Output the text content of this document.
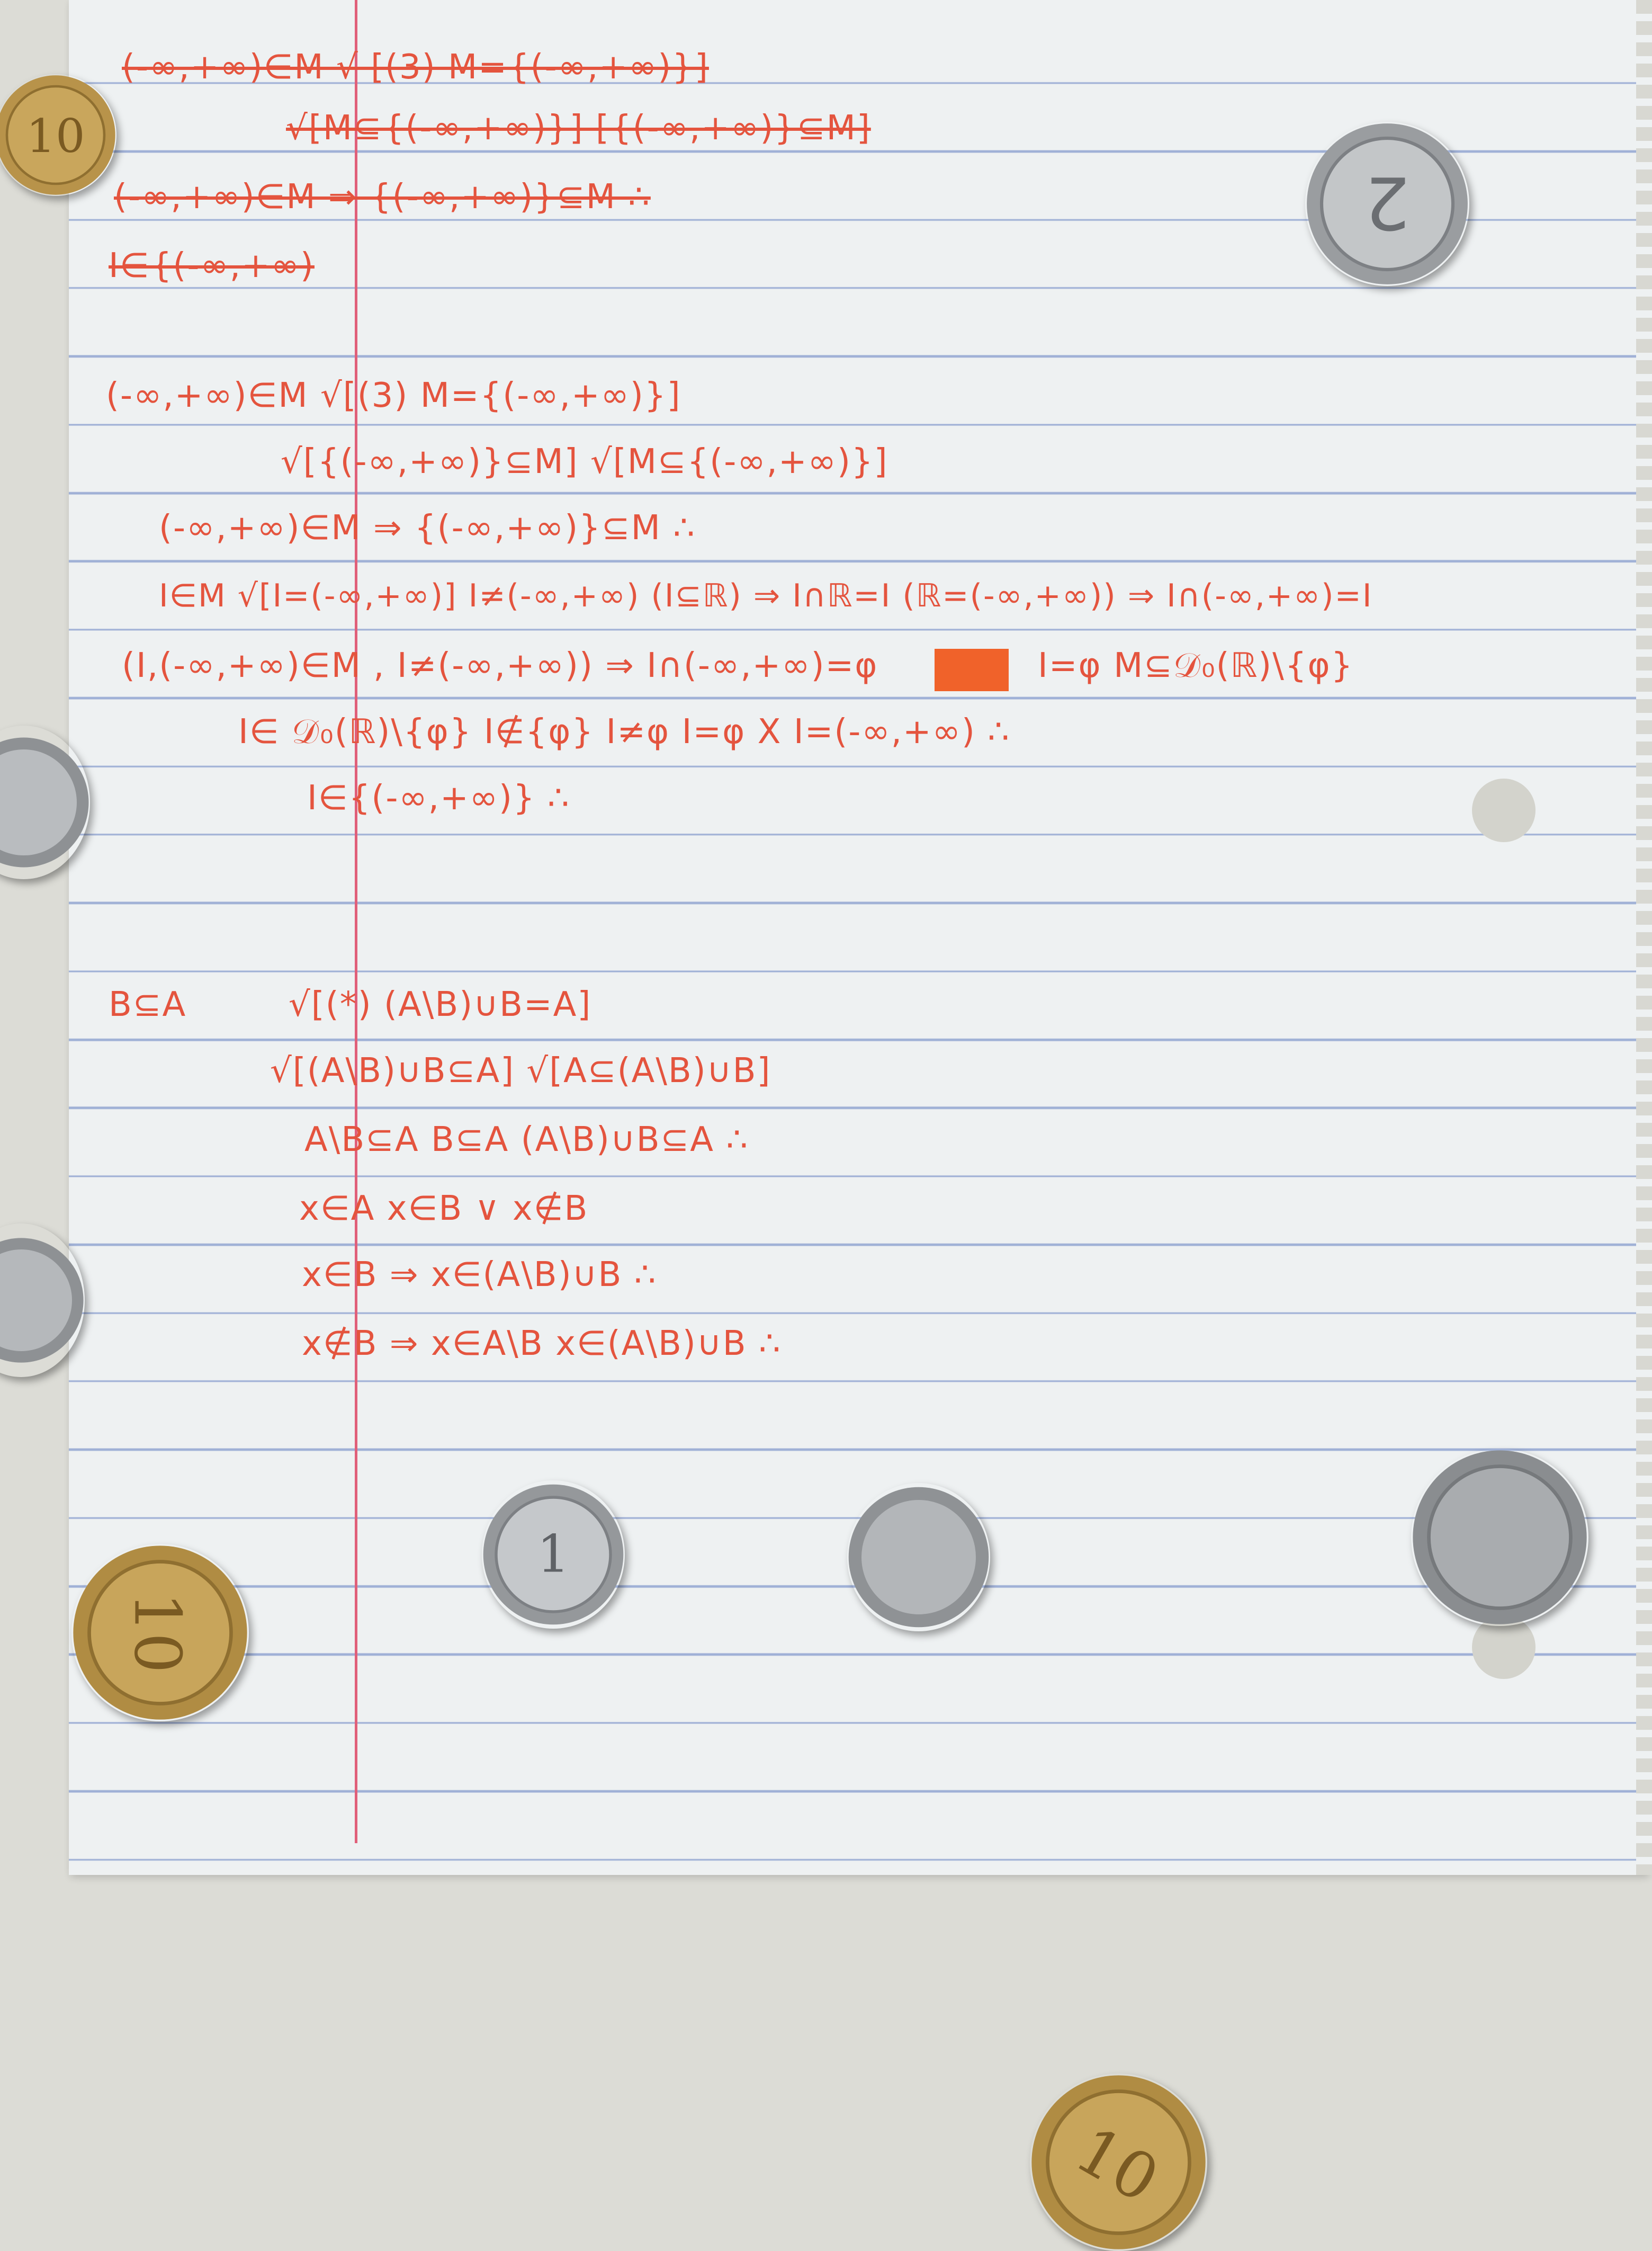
(-∞,+∞)∈M √ [(3) M={(-∞,+∞)}]

√[M⊆{(-∞,+∞)}] [{(-∞,+∞)}⊆M]

(-∞,+∞)∈M ⇒ {(-∞,+∞)}⊆M ∴

I∈{(-∞,+∞)

(-∞,+∞)∈M √[(3) M={(-∞,+∞)}]

√[{(-∞,+∞)}⊆M] √[M⊆{(-∞,+∞)}]

(-∞,+∞)∈M ⇒ {(-∞,+∞)}⊆M ∴

I∈M √[I=(-∞,+∞)] I≠(-∞,+∞) (I⊆ℝ) ⇒ I∩ℝ=I (ℝ=(-∞,+∞)) ⇒ I∩(-∞,+∞)=I

(I,(-∞,+∞)∈M , I≠(-∞,+∞)) ⇒ I∩(-∞,+∞)=φ	I=φ M⊆𝒟₀(ℝ)\{φ}

I∈ 𝒟₀(ℝ)\{φ} I∉{φ} I≠φ I=φ X I=(-∞,+∞) ∴

I∈{(-∞,+∞)} ∴

B⊆A	√[(*) (A\B)∪B=A]

√[(A\B)∪B⊆A] √[A⊆(A\B)∪B]

A\B⊆A B⊆A (A\B)∪B⊆A ∴

x∈A x∈B ∨ x∉B

x∈B ⇒ x∈(A\B)∪B ∴

x∉B ⇒ x∈A\B x∈(A\B)∪B ∴

10
2
1
10
10
